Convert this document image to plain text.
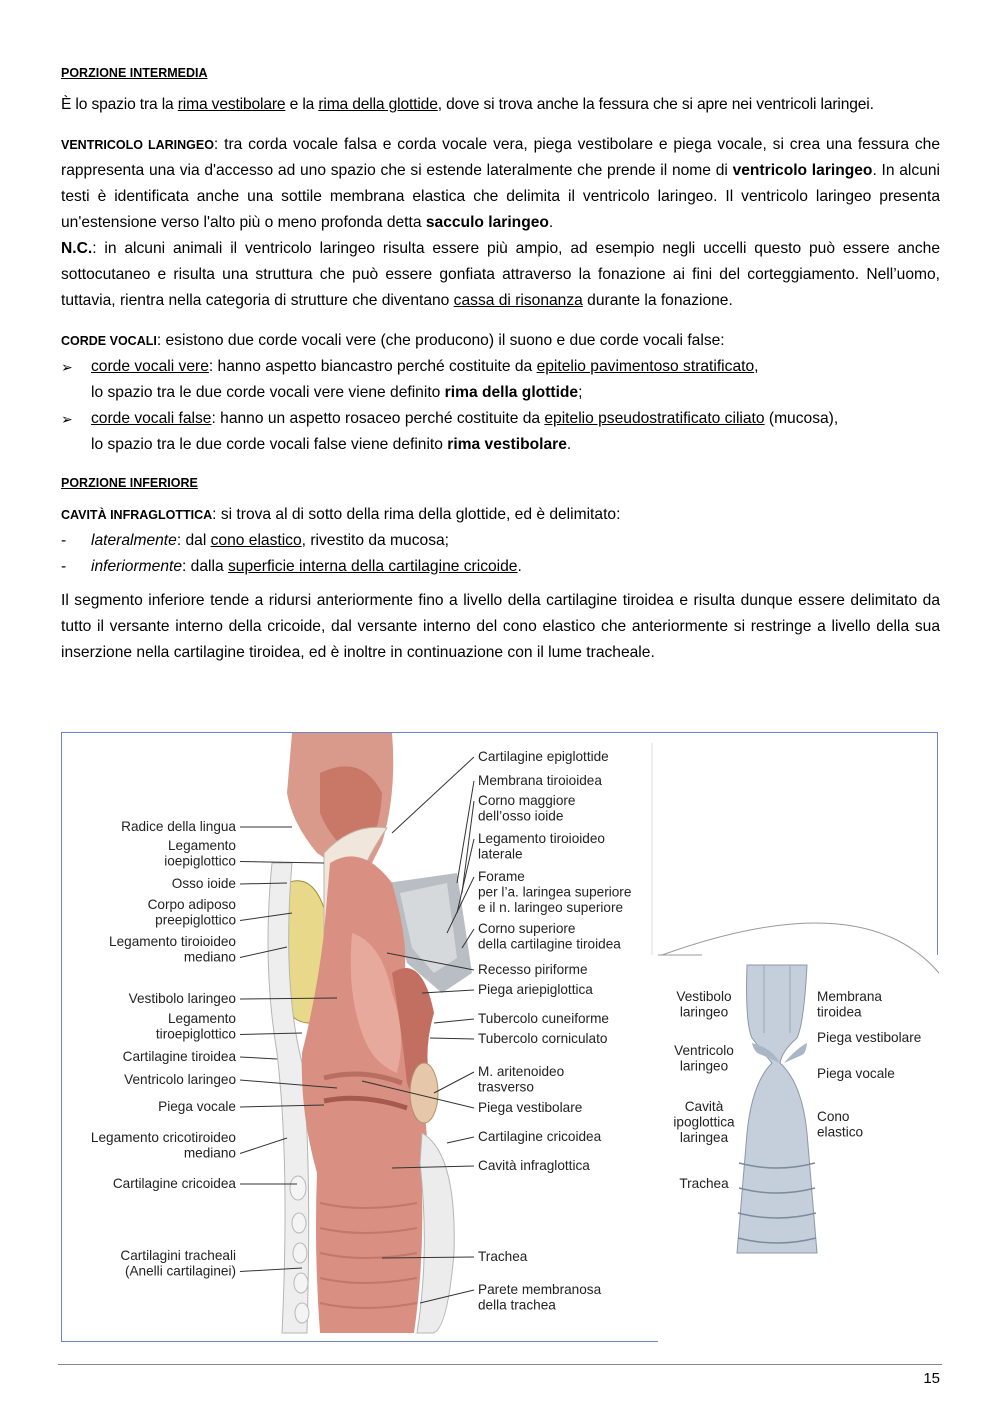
PORZIONE INTERMEDIA

È lo spazio tra la rima vestibolare e la rima della glottide, dove si trova anche la fessura che si apre nei ventricoli laringei.

VENTRICOLO LARINGEO: tra corda vocale falsa e corda vocale vera, piega vestibolare e piega vocale, si crea una fessura che rappresenta una via d'accesso ad uno spazio che si estende lateralmente che prende il nome di ventricolo laringeo. In alcuni testi è identificata anche una sottile membrana elastica che delimita il ventricolo laringeo. Il ventricolo laringeo presenta un'estensione verso l'alto più o meno profonda detta sacculo laringeo.

N.C.: in alcuni animali il ventricolo laringeo risulta essere più ampio, ad esempio negli uccelli questo può essere anche sottocutaneo e risulta una struttura che può essere gonfiata attraverso la fonazione ai fini del corteggiamento. Nell’uomo, tuttavia, rientra nella categoria di strutture che diventano cassa di risonanza durante la fonazione.

CORDE VOCALI: esistono due corde vocali vere (che producono) il suono e due corde vocali false:

➢	corde vocali vere: hanno aspetto biancastro perché costituite da epitelio pavimentoso stratificato,
lo spazio tra le due corde vocali vere viene definito rima della glottide;
➢	corde vocali false: hanno un aspetto rosaceo perché costituite da epitelio pseudostratificato ciliato (mucosa),
lo spazio tra le due corde vocali false viene definito rima vestibolare.
PORZIONE INFERIORE

CAVITÀ INFRAGLOTTICA: si trova al di sotto della rima della glottide, ed è delimitato:

-	lateralmente: dal cono elastico, rivestito da mucosa;
-	inferiormente: dalla superficie interna della cartilagine cricoide.

Il segmento inferiore tende a ridursi anteriormente fino a livello della cartilagine tiroidea e risulta dunque essere delimitato da tutto il versante interno della cricoide, dal versante interno del cono elastico che anteriormente si restringe a livello della sua inserzione nella cartilagine tiroidea, ed è inoltre in continuazione con il lume tracheale.

Radice della lingua
Legamento ioepiglottico
Osso ioide
Corpo adiposo preepiglottico
Legamento tiroioideo mediano
Vestibolo laringeo
Legamento tiroepiglottico
Cartilagine tiroidea
Ventricolo laringeo
Piega vocale
Legamento cricotiroideo mediano
Cartilagine cricoidea
Cartilagini tracheali (Anelli cartilaginei)
Cartilagine epiglottide
Membrana tiroioidea
Corno maggiore dell’osso ioide
Legamento tiroioideo laterale
Forame per l’a. laringea superiore e il n. laringeo superiore
Corno superiore della cartilagine tiroidea
Recesso piriforme
Piega ariepiglottica
Tubercolo cuneiforme
Tubercolo corniculato
M. aritenoideo trasverso
Piega vestibolare
Cartilagine cricoidea
Cavità infraglottica
Trachea
Parete membranosa della trachea
Vestibolo laringeo
Ventricolo laringeo
Cavità ipoglottica laringea
Trachea
Membrana tiroidea
Piega vestibolare
Piega vocale
Cono elastico
15
